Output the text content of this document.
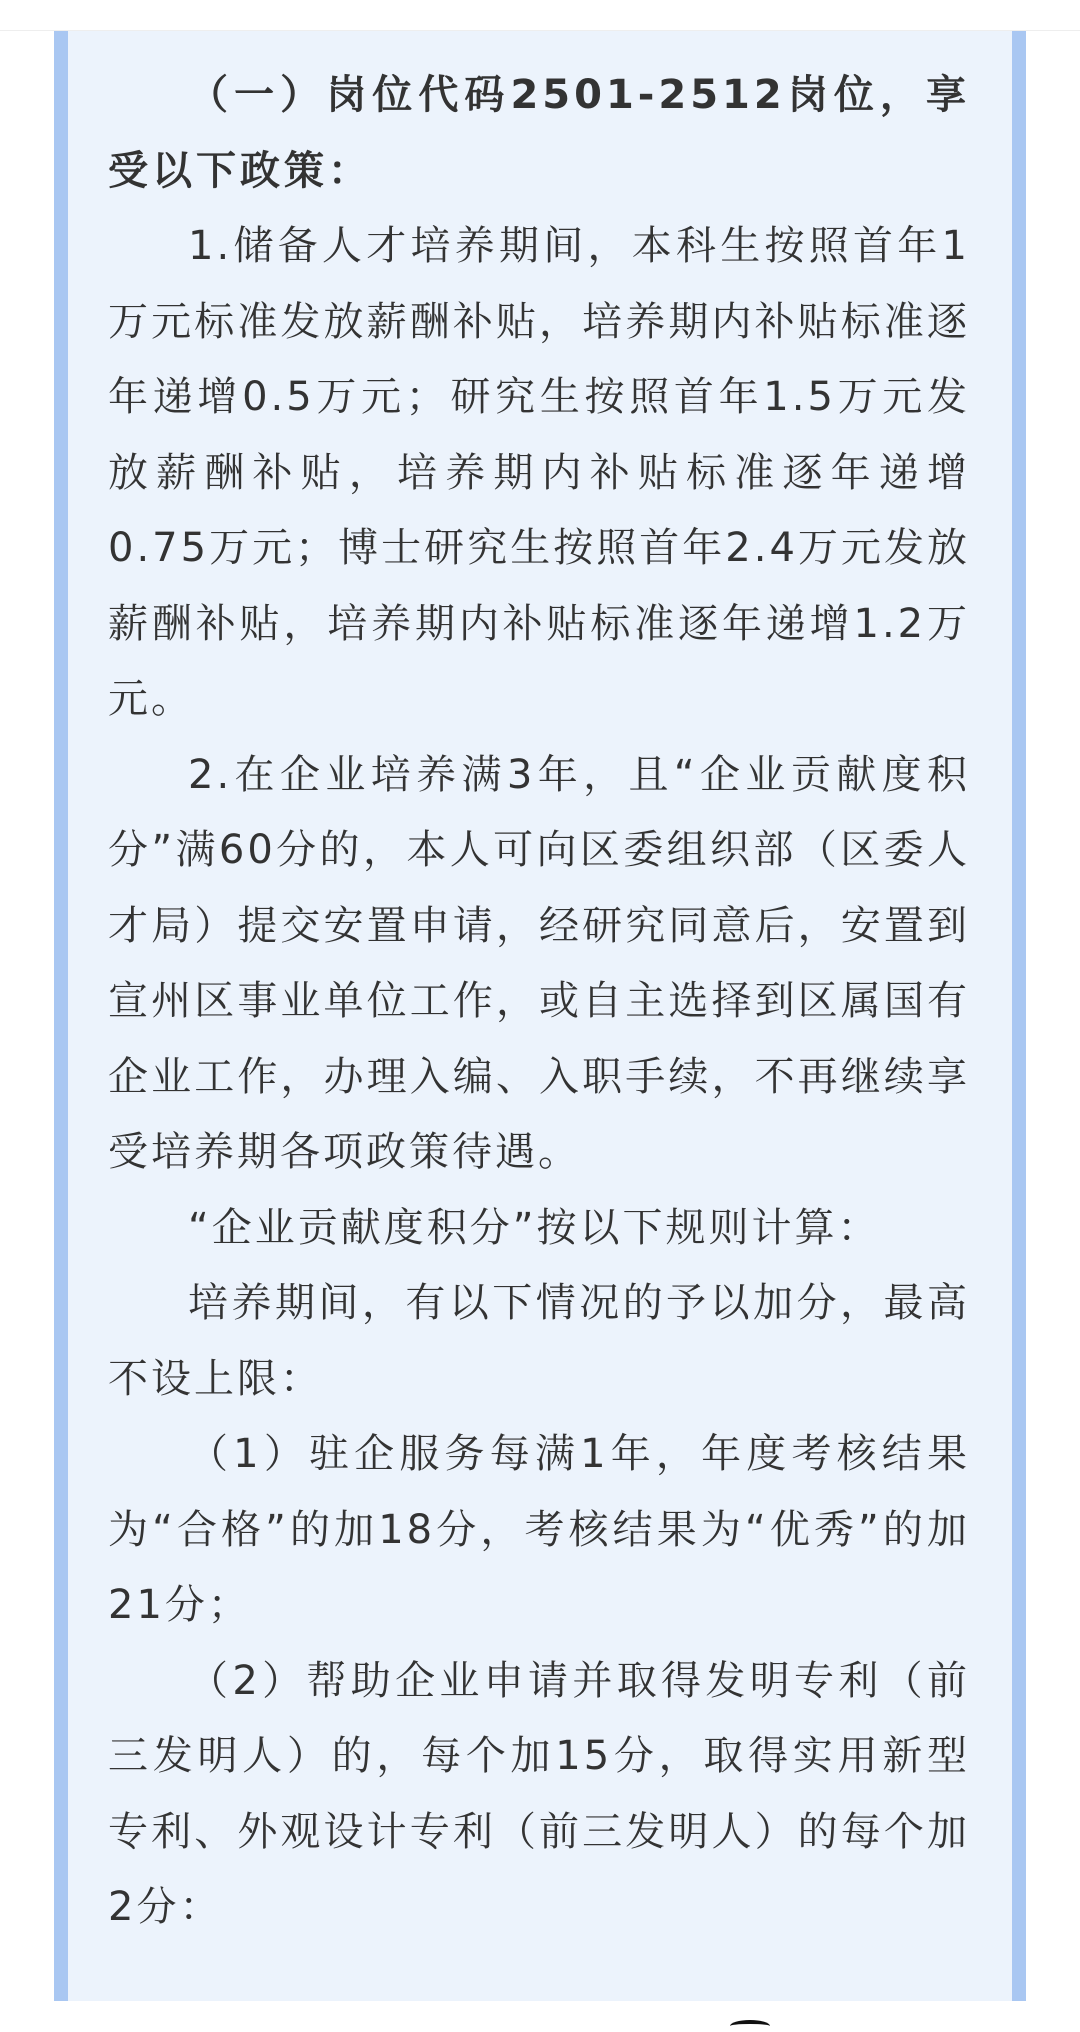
（一）岗位代码2501-2512岗位，享受以下政策：

1.储备人才培养期间，本科生按照首年1万元标准发放薪酬补贴，培养期内补贴标准逐年递增0.5万元；研究生按照首年1.5万元发放薪酬补贴，培养期内补贴标准逐年递增0.75万元；博士研究生按照首年2.4万元发放薪酬补贴，培养期内补贴标准逐年递增1.2万元。

2.在企业培养满3年，且“企业贡献度积分”满60分的，本人可向区委组织部（区委人才局）提交安置申请，经研究同意后，安置到宣州区事业单位工作，或自主选择到区属国有企业工作，办理入编、入职手续，不再继续享受培养期各项政策待遇。

“企业贡献度积分”按以下规则计算：

培养期间，有以下情况的予以加分，最高不设上限：

（1）驻企服务每满1年，年度考核结果为“合格”的加18分，考核结果为“优秀”的加21分；

（2）帮助企业申请并取得发明专利（前三发明人）的，每个加15分，取得实用新型专利、外观设计专利（前三发明人）的每个加2分：
